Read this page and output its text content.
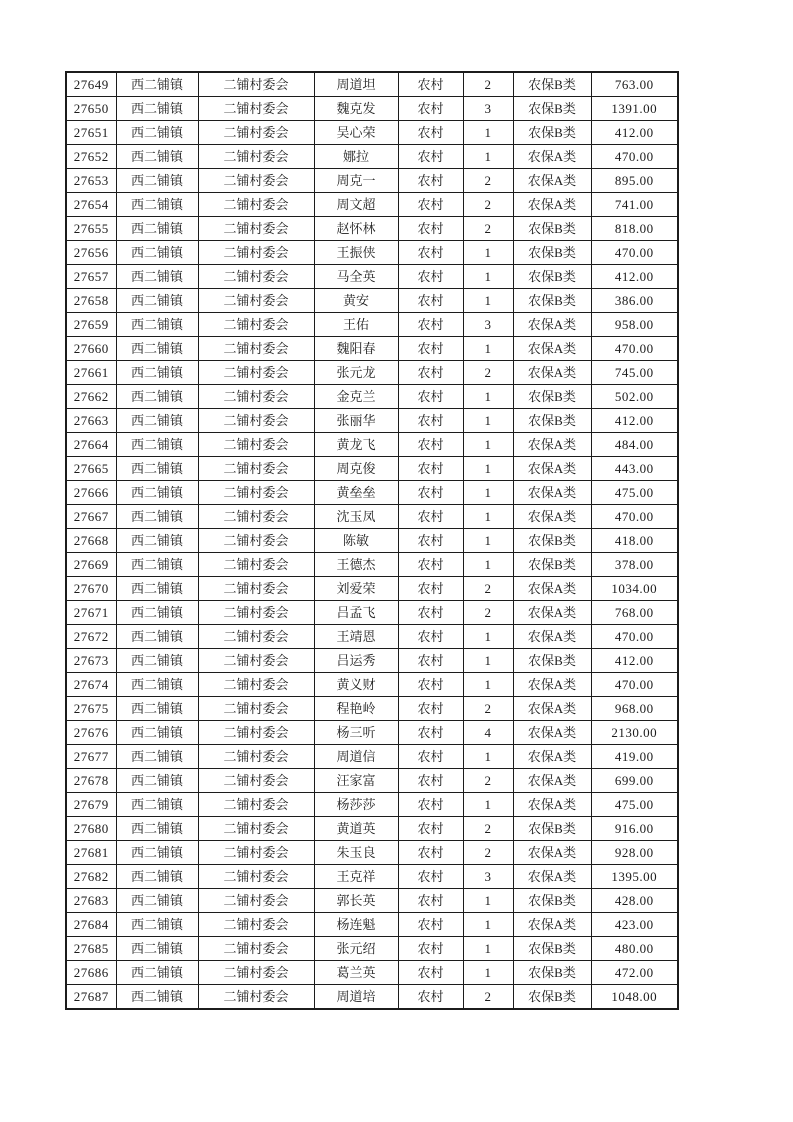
27649	西二铺镇	二铺村委会	周道坦	农村	2	农保B类	763.00
27650	西二铺镇	二铺村委会	魏克发	农村	3	农保B类	1391.00
27651	西二铺镇	二铺村委会	吴心荣	农村	1	农保B类	412.00
27652	西二铺镇	二铺村委会	娜拉	农村	1	农保A类	470.00
27653	西二铺镇	二铺村委会	周克一	农村	2	农保A类	895.00
27654	西二铺镇	二铺村委会	周文超	农村	2	农保A类	741.00
27655	西二铺镇	二铺村委会	赵怀林	农村	2	农保B类	818.00
27656	西二铺镇	二铺村委会	王振侠	农村	1	农保B类	470.00
27657	西二铺镇	二铺村委会	马全英	农村	1	农保B类	412.00
27658	西二铺镇	二铺村委会	黄安	农村	1	农保B类	386.00
27659	西二铺镇	二铺村委会	王佑	农村	3	农保A类	958.00
27660	西二铺镇	二铺村委会	魏阳春	农村	1	农保A类	470.00
27661	西二铺镇	二铺村委会	张元龙	农村	2	农保A类	745.00
27662	西二铺镇	二铺村委会	金克兰	农村	1	农保B类	502.00
27663	西二铺镇	二铺村委会	张丽华	农村	1	农保B类	412.00
27664	西二铺镇	二铺村委会	黄龙飞	农村	1	农保A类	484.00
27665	西二铺镇	二铺村委会	周克俊	农村	1	农保A类	443.00
27666	西二铺镇	二铺村委会	黄垒垒	农村	1	农保A类	475.00
27667	西二铺镇	二铺村委会	沈玉凤	农村	1	农保A类	470.00
27668	西二铺镇	二铺村委会	陈敏	农村	1	农保B类	418.00
27669	西二铺镇	二铺村委会	王德杰	农村	1	农保B类	378.00
27670	西二铺镇	二铺村委会	刘爱荣	农村	2	农保A类	1034.00
27671	西二铺镇	二铺村委会	吕孟飞	农村	2	农保A类	768.00
27672	西二铺镇	二铺村委会	王靖恩	农村	1	农保A类	470.00
27673	西二铺镇	二铺村委会	吕运秀	农村	1	农保B类	412.00
27674	西二铺镇	二铺村委会	黄义财	农村	1	农保A类	470.00
27675	西二铺镇	二铺村委会	程艳岭	农村	2	农保A类	968.00
27676	西二铺镇	二铺村委会	杨三听	农村	4	农保A类	2130.00
27677	西二铺镇	二铺村委会	周道信	农村	1	农保A类	419.00
27678	西二铺镇	二铺村委会	汪家富	农村	2	农保A类	699.00
27679	西二铺镇	二铺村委会	杨莎莎	农村	1	农保A类	475.00
27680	西二铺镇	二铺村委会	黄道英	农村	2	农保B类	916.00
27681	西二铺镇	二铺村委会	朱玉良	农村	2	农保A类	928.00
27682	西二铺镇	二铺村委会	王克祥	农村	3	农保A类	1395.00
27683	西二铺镇	二铺村委会	郭长英	农村	1	农保B类	428.00
27684	西二铺镇	二铺村委会	杨连魁	农村	1	农保A类	423.00
27685	西二铺镇	二铺村委会	张元绍	农村	1	农保B类	480.00
27686	西二铺镇	二铺村委会	葛兰英	农村	1	农保B类	472.00
27687	西二铺镇	二铺村委会	周道培	农村	2	农保B类	1048.00
